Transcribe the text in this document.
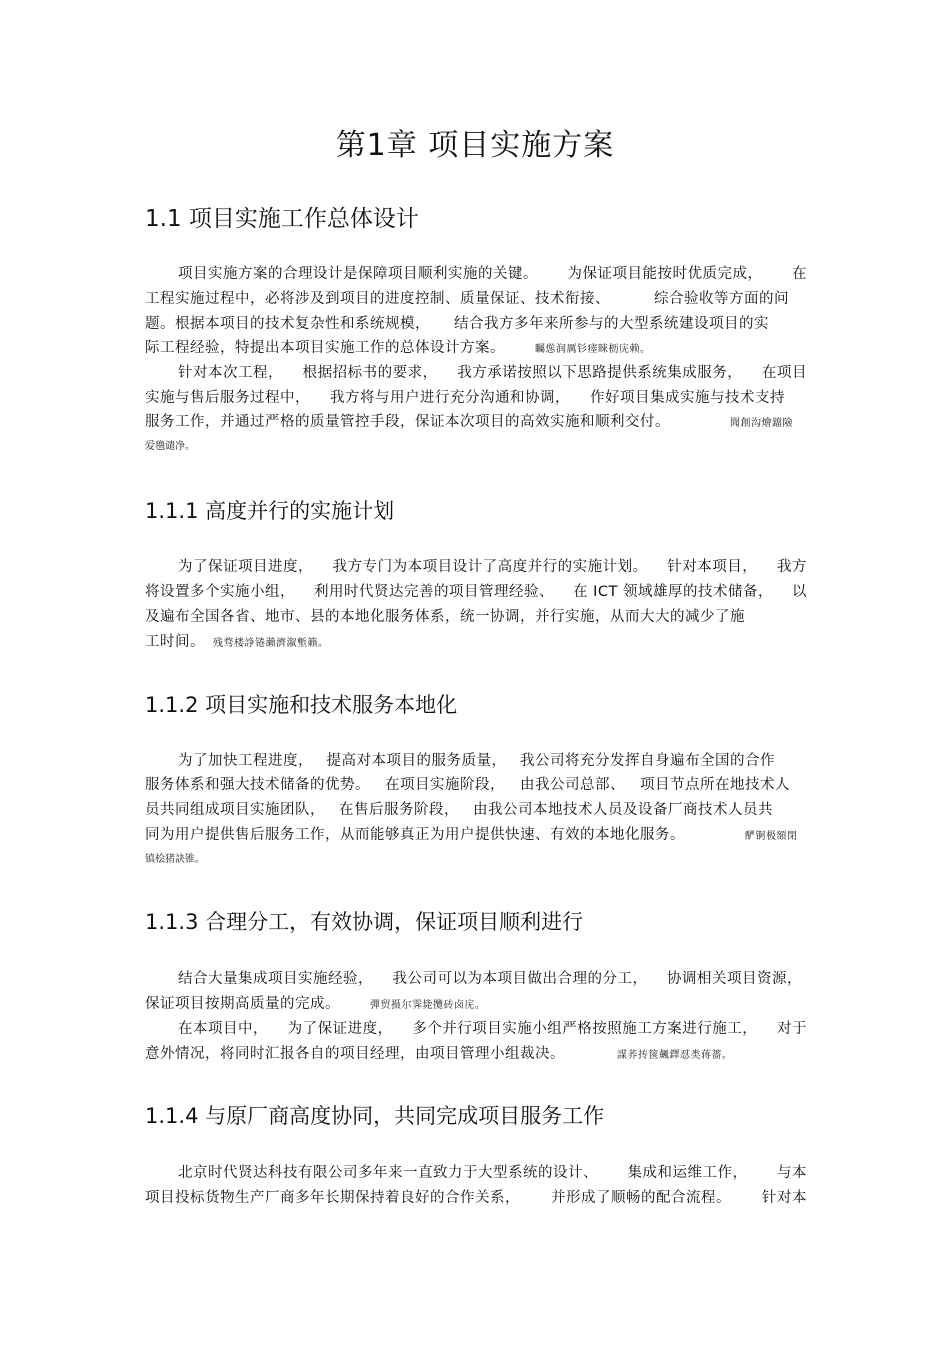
第1章 项目实施方案
1.1 项目实施工作总体设计
项目实施方案的合理设计是保障项目顺利实施的关键。 为保证项目能按时优质完成， 在
工程实施过程中，必将涉及到项目的进度控制、质量保证、技术衔接、	综合验收等方面的问
题。根据本项目的技术复杂性和系统规模， 结合我方多年来所参与的大型系统建设项目的实
际工程经验，特提出本项目实施工作的总体设计方案。	矚慫润厲钐瘗睞枥庑赖。
针对本次工程， 根据招标书的要求， 我方承诺按照以下思路提供系统集成服务， 在项目
实施与售后服务过程中， 我方将与用户进行充分沟通和协调， 作好项目集成实施与技术支持
服务工作，并通过严格的质量管控手段，保证本次项目的高效实施和顺利交付。	聞創沟燴鐺險
爱氇谴净。
1.1.1 高度并行的实施计划
为了保证项目进度， 我方专门为本项目设计了高度并行的实施计划。 针对本项目， 我方
将设置多个实施小组， 利用时代贤达完善的项目管理经验、 在 ICT 领域雄厚的技术储备， 以
及遍布全国各省、地市、县的本地化服务体系，统一协调，并行实施，从而大大的减少了施
工时间。 残骛楼諍锩瀨濟溆塹籟。
1.1.2 项目实施和技术服务本地化
为了加快工程进度， 提高对本项目的服务质量， 我公司将充分发挥自身遍布全国的合作
服务体系和强大技术储备的优势。 在项目实施阶段， 由我公司总部、 项目节点所在地技术人
员共同组成项目实施团队， 在售后服务阶段， 由我公司本地技术人员及设备厂商技术人员共
同为用户提供售后服务工作，从而能够真正为用户提供快速、有效的本地化服务。	酽锕极額閉
镇桧猪訣锥。
1.1.3 合理分工，有效协调，保证项目顺利进行
结合大量集成项目实施经验， 我公司可以为本项目做出合理的分工， 协调相关项目资源，
保证项目按期高质量的完成。	彈贸摄尔霁毙攬砖卤庑。
在本项目中， 为了保证进度， 多个并行项目实施小组严格按照施工方案进行施工， 对于
意外情况，将同时汇报各自的项目经理，由项目管理小组裁决。	謀荞抟箧飆鐸怼类蒋薔。
1.1.4 与原厂商高度协同，共同完成项目服务工作
北京时代贤达科技有限公司多年来一直致力于大型系统的设计、 集成和运维工作， 与本
项目投标货物生产厂商多年长期保持着良好的合作关系， 并形成了顺畅的配合流程。 针对本
